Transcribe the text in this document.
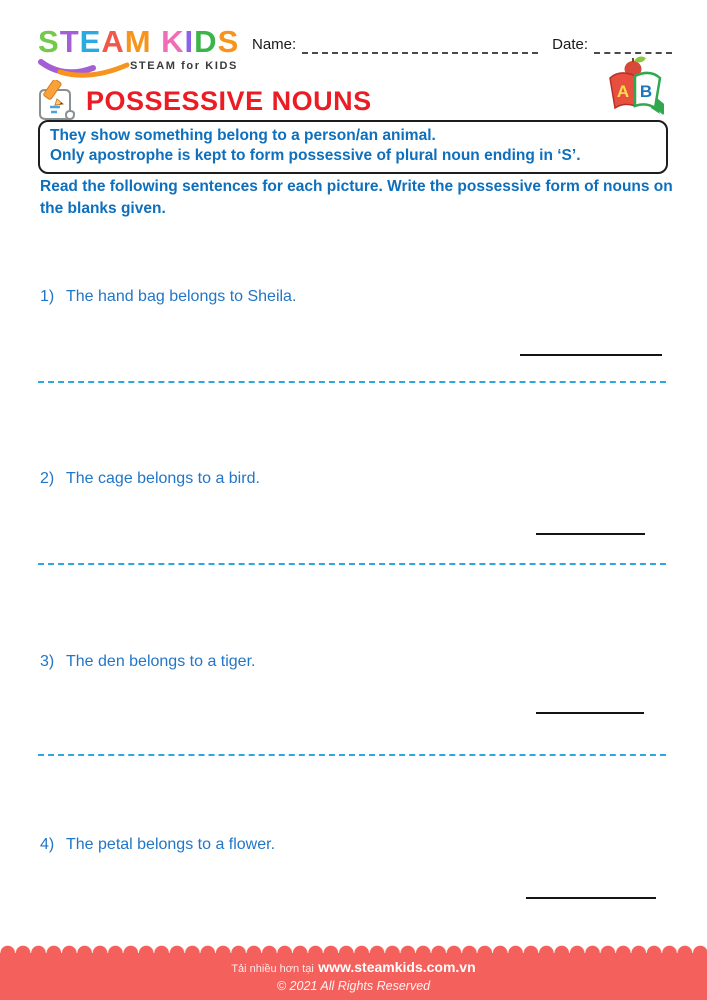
STEAM KIDS
STEAM for KIDS
Name:	Date:
A B
POSSESSIVE NOUNS
They show something belong to a person/an animal.
Only apostrophe is kept to form possessive of plural noun ending in ‘S’.
Read the following sentences for each picture. Write the possessive form of nouns on the blanks given.
1) The hand bag belongs to Sheila.
2) The cage belongs to a bird.
3) The den belongs to a tiger.
4) The petal belongs to a flower.
Tải nhiều hơn tại www.steamkids.com.vn
© 2021 All Rights Reserved
